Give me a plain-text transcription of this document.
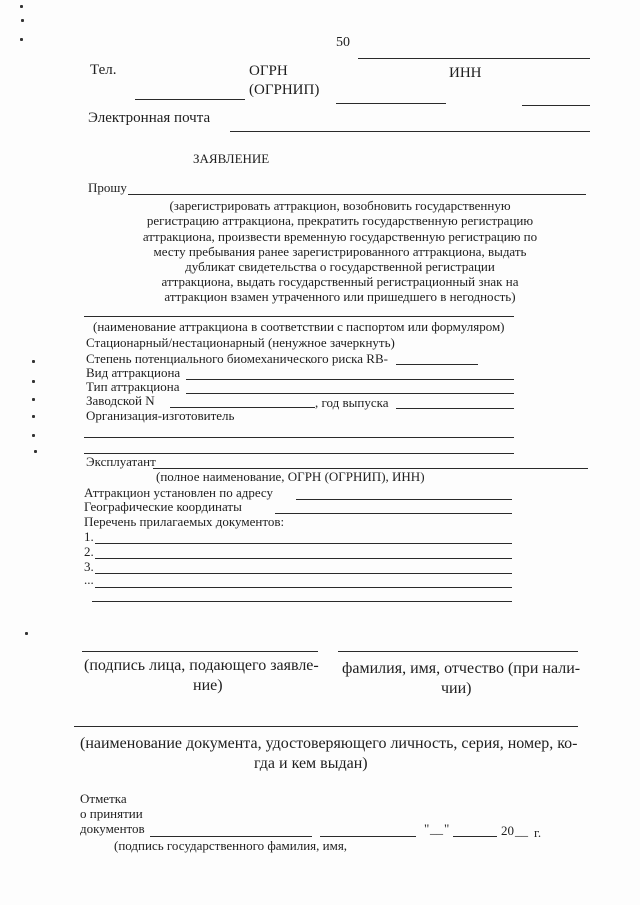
50
Тел.	ОГРН
(ОГРНИП)
ИНН
Электронная почта
ЗАЯВЛЕНИЕ
Прошу
(зарегистрировать аттракцион, возобновить государственную
регистрацию аттракциона, прекратить государственную регистрацию
аттракциона, произвести временную государственную регистрацию по
месту пребывания ранее зарегистрированного аттракциона, выдать
дубликат свидетельства о государственной регистрации
аттракциона, выдать государственный регистрационный знак на
аттракцион взамен утраченного или пришедшего в негодность)
(наименование аттракциона в соответствии с паспортом или формуляром)
Стационарный/нестационарный (ненужное зачеркнуть)
Степень потенциального биомеханического риска RB-
Вид аттракциона
Тип аттракциона
Заводской N	, год выпуска
Организация-изготовитель
Эксплуатант
(полное наименование, ОГРН (ОГРНИП), ИНН)
Аттракцион установлен по адресу
Географические координаты
Перечень прилагаемых документов:
1.
2.
3.
...
(подпись лица, подающего заявле-
ние)
фамилия, имя, отчество (при нали-
чии)
(наименование документа, удостоверяющего личность, серия, номер, ко-
гда и кем выдан)
Отметка
о принятии
документов	" __ "	20 __ г.
(подпись государственного фамилия, имя,
